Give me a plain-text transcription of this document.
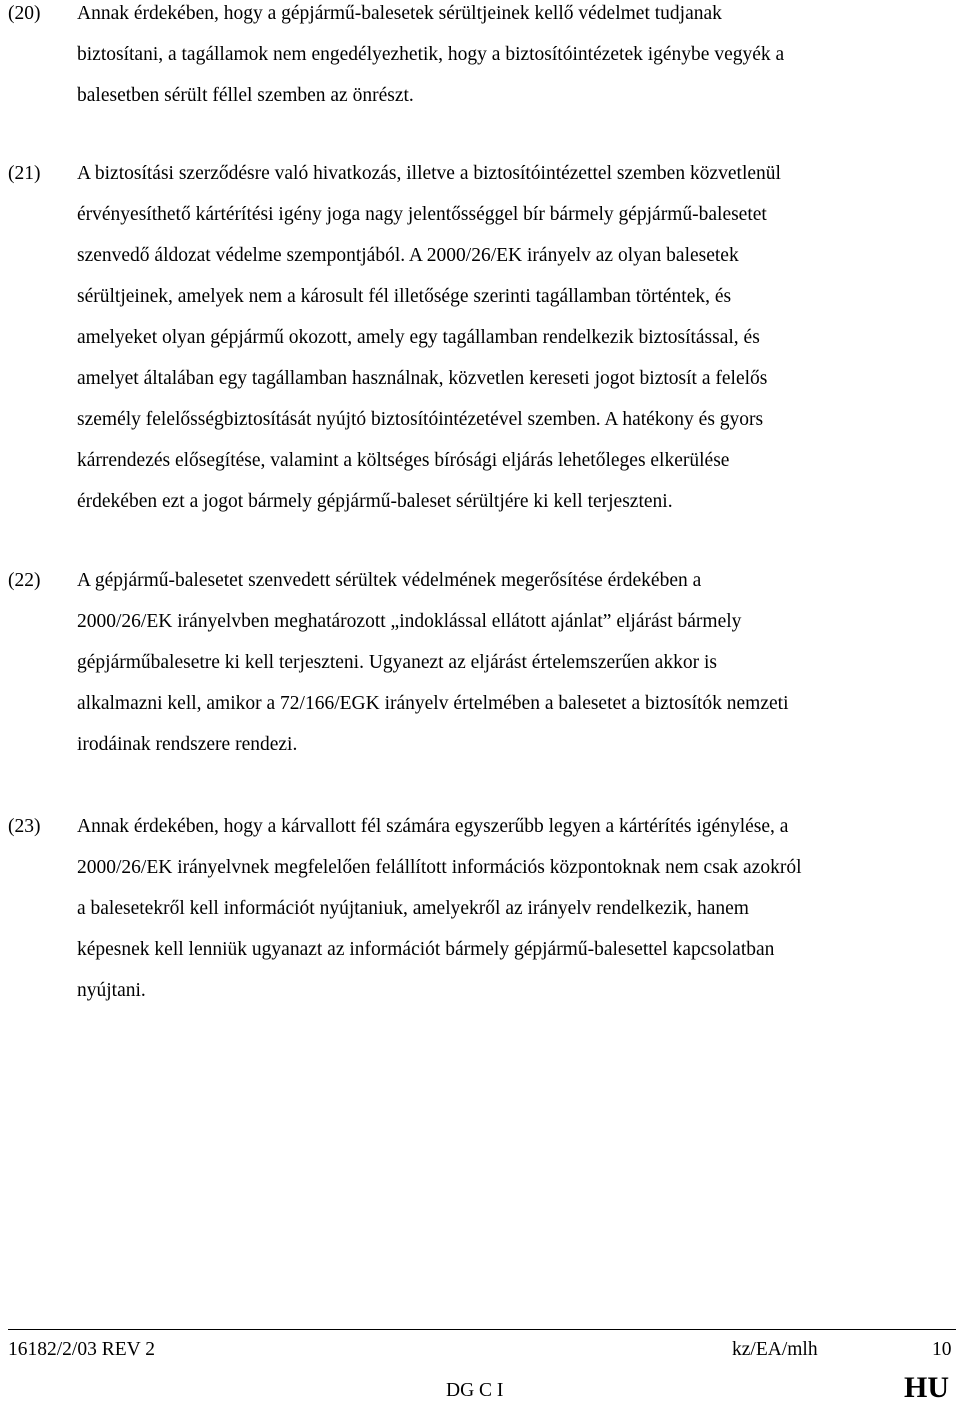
(20) Annak érdekében, hogy a gépjármű-balesetek sérültjeinek kellő védelmet tudjanak
biztosítani, a tagállamok nem engedélyezhetik, hogy a biztosítóintézetek igénybe vegyék a
balesetben sérült féllel szemben az önrészt.
(21) A biztosítási szerződésre való hivatkozás, illetve a biztosítóintézettel szemben közvetlenül
érvényesíthető kártérítési igény joga nagy jelentősséggel bír bármely gépjármű-balesetet
szenvedő áldozat védelme szempontjából. A 2000/26/EK irányelv az olyan balesetek
sérültjeinek, amelyek nem a károsult fél illetősége szerinti tagállamban történtek, és
amelyeket olyan gépjármű okozott, amely egy tagállamban rendelkezik biztosítással, és
amelyet általában egy tagállamban használnak, közvetlen kereseti jogot biztosít a felelős
személy felelősségbiztosítását nyújtó biztosítóintézetével szemben. A hatékony és gyors
kárrendezés elősegítése, valamint a költséges bírósági eljárás lehetőleges elkerülése
érdekében ezt a jogot bármely gépjármű-baleset sérültjére ki kell terjeszteni.
(22) A gépjármű-balesetet szenvedett sérültek védelmének megerősítése érdekében a
2000/26/EK irányelvben meghatározott „indoklással ellátott ajánlat” eljárást bármely
gépjárműbalesetre ki kell terjeszteni. Ugyanezt az eljárást értelemszerűen akkor is
alkalmazni kell, amikor a 72/166/EGK irányelv értelmében a balesetet a biztosítók nemzeti
irodáinak rendszere rendezi.
(23) Annak érdekében, hogy a kárvallott fél számára egyszerűbb legyen a kártérítés igénylése, a
2000/26/EK irányelvnek megfelelően felállított információs központoknak nem csak azokról
a balesetekről kell információt nyújtaniuk, amelyekről az irányelv rendelkezik, hanem
képesnek kell lenniük ugyanazt az információt bármely gépjármű-balesettel kapcsolatban
nyújtani.
16182/2/03 REV 2	kz/EA/mlh	10
DG C I	HU
